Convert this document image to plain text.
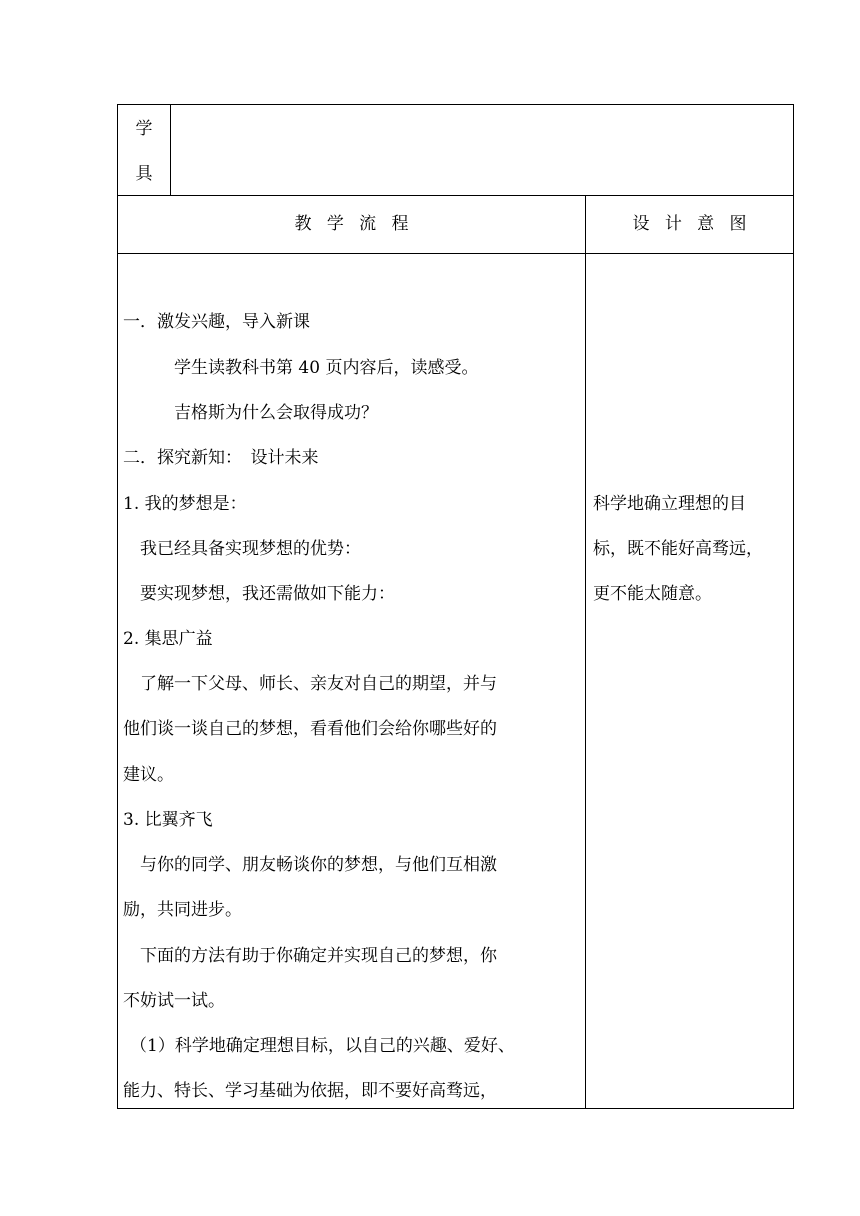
学
具
教学流程	设计意图
一．激发兴趣，导入新课
学生读教科书第 40 页内容后，读感受。
吉格斯为什么会取得成功？
二．探究新知：　设计未来
1. 我的梦想是：
我已经具备实现梦想的优势：
要实现梦想，我还需做如下能力：
2. 集思广益
了解一下父母、师长、亲友对自己的期望，并与
他们谈一谈自己的梦想，看看他们会给你哪些好的
建议。
3. 比翼齐飞
与你的同学、朋友畅谈你的梦想，与他们互相激
励，共同进步。
下面的方法有助于你确定并实现自己的梦想，你
不妨试一试。
（1）科学地确定理想目标，以自己的兴趣、爱好、
能力、特长、学习基础为依据，即不要好高骛远，
科学地确立理想的目
标，既不能好高骛远，
更不能太随意。
